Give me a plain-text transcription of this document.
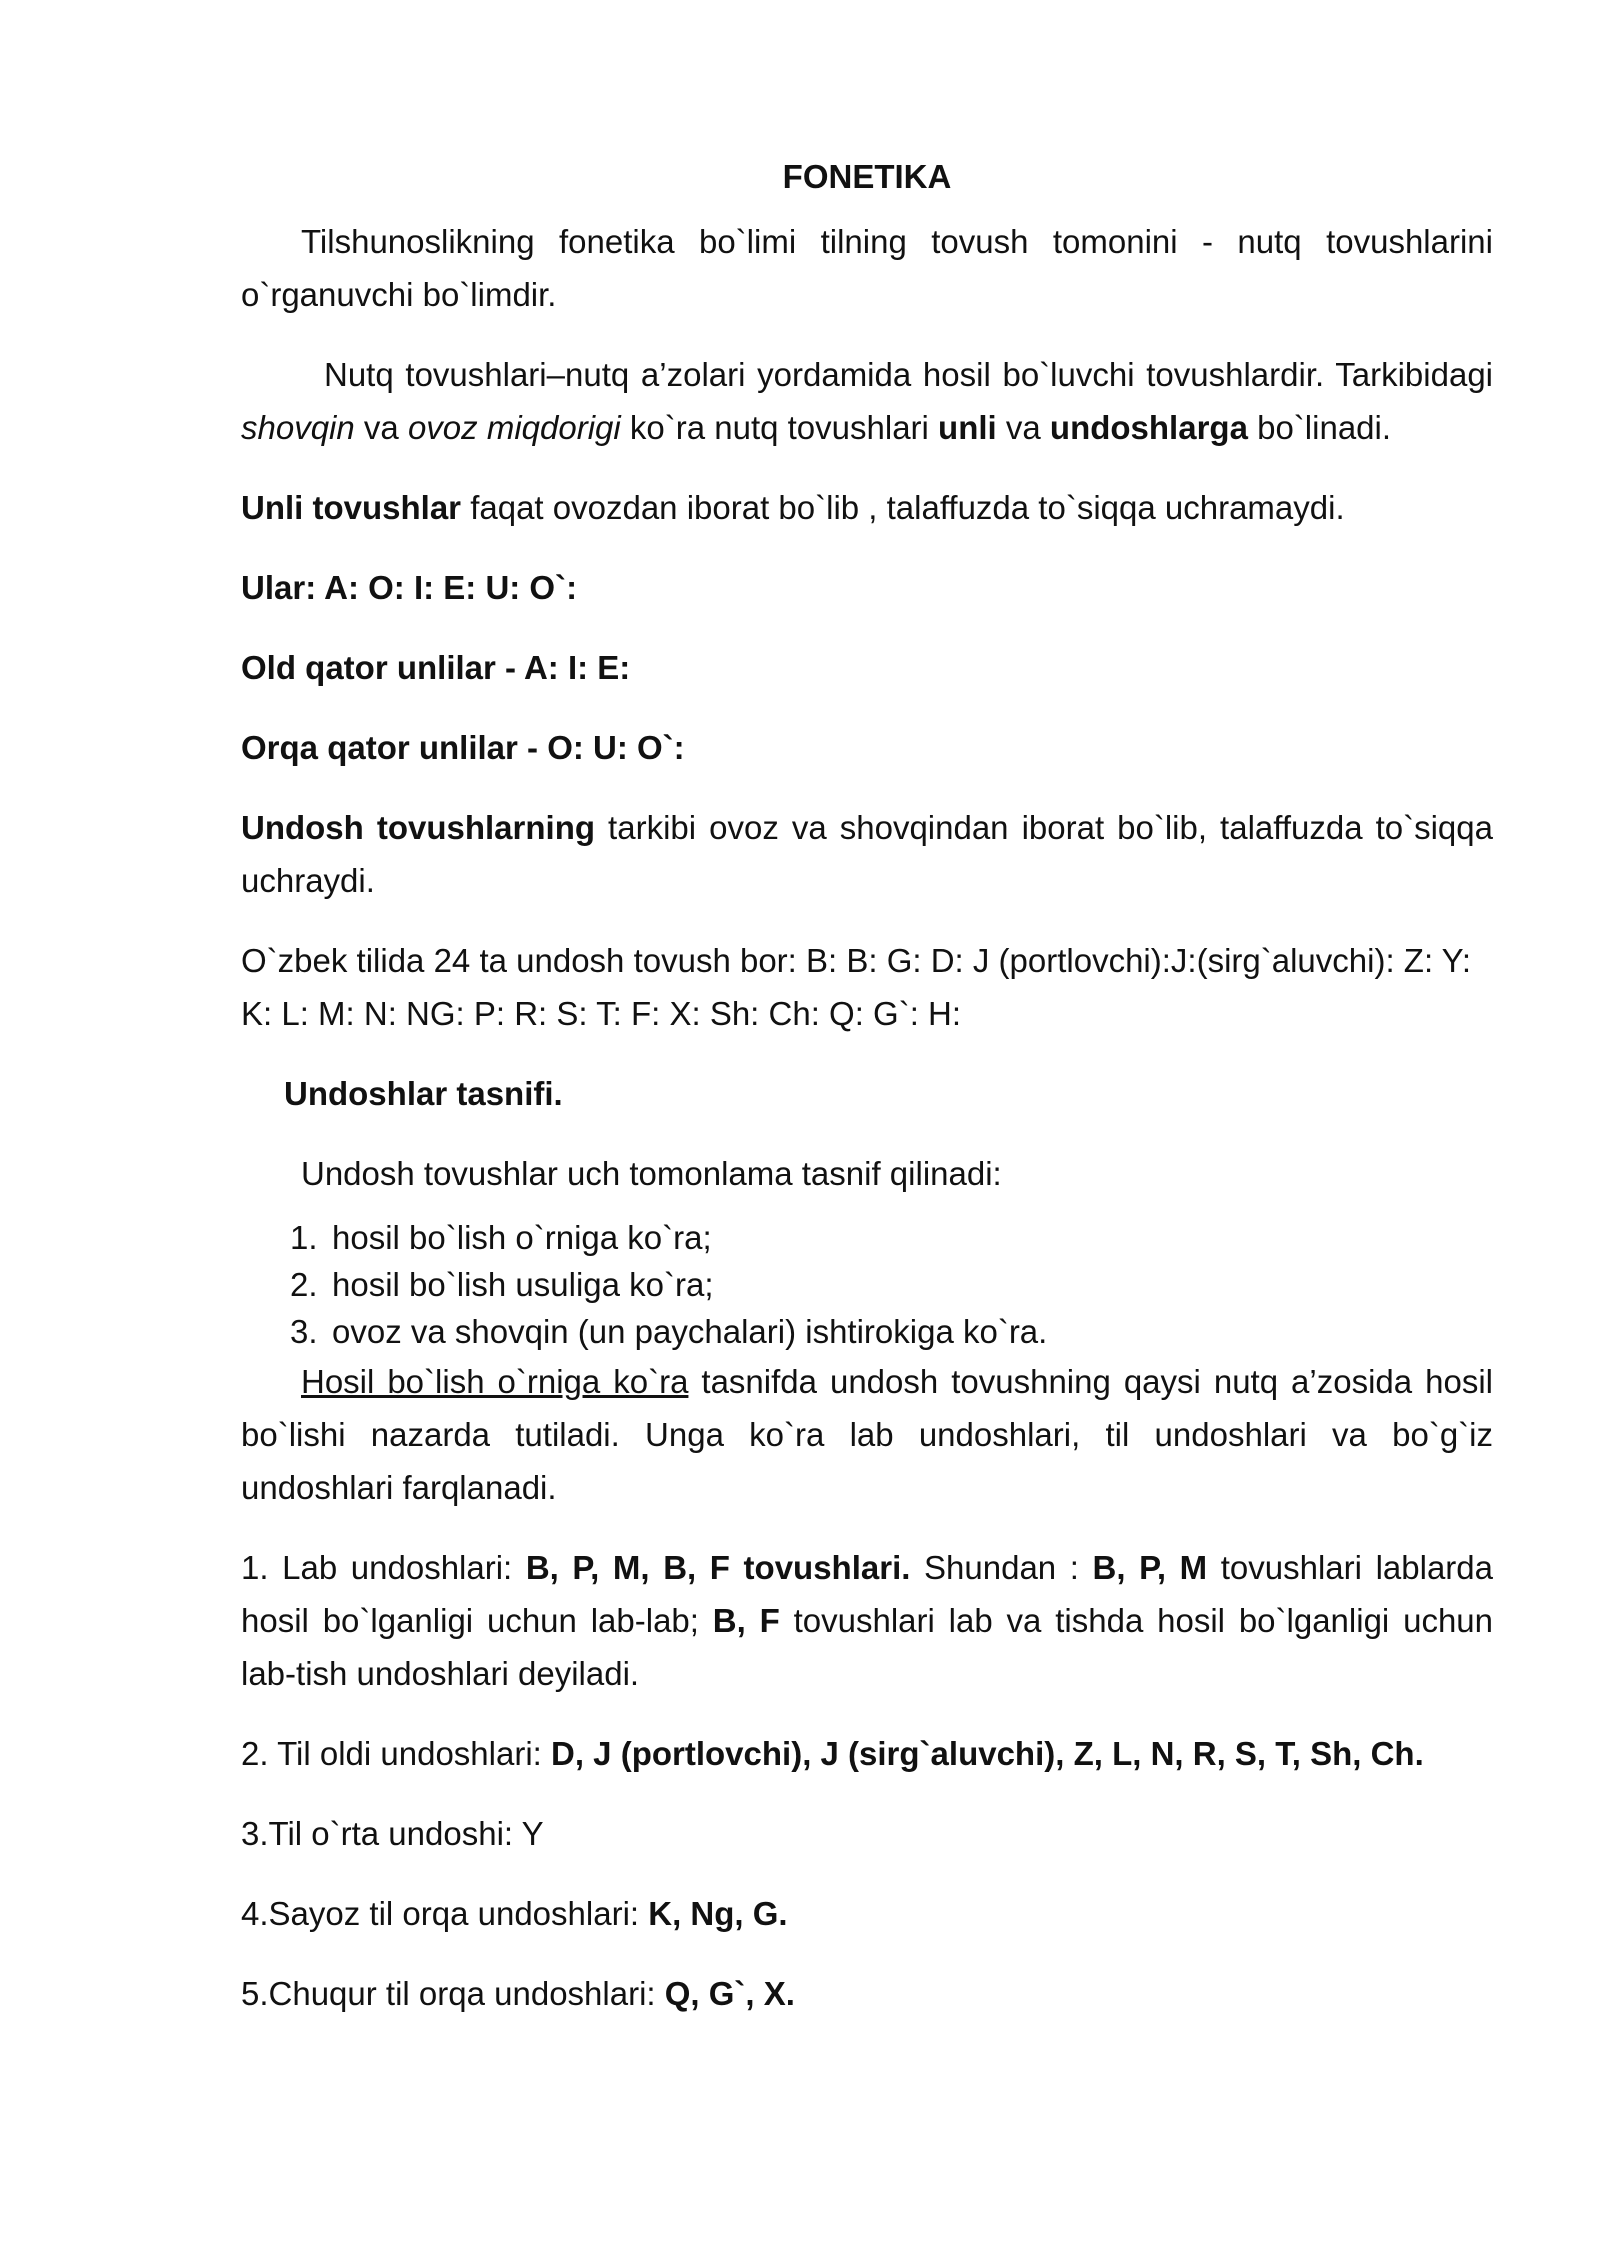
FONETIKA

Tilshunoslikning fonetika bo`limi tilning tovush tomonini - nutq tovushlarini o`rganuvchi bo`limdir.

Nutq tovushlari–nutq a’zolari yordamida hosil bo`luvchi tovushlardir. Tarkibidagi shovqin va ovoz miqdorigi ko`ra nutq tovushlari unli va undoshlarga bo`linadi.

Unli tovushlar faqat ovozdan iborat bo`lib , talaffuzda to`siqqa uchramaydi.

Ular: A: O: I: E: U: O`:

Old qator unlilar - A: I: E:

Orqa qator unlilar - O: U: O`:

Undosh tovushlarning tarkibi ovoz va shovqindan iborat bo`lib, talaffuzda to`siqqa uchraydi.

O`zbek tilida 24 ta undosh tovush bor: B: B: G: D: J (portlovchi):J:(sirg`aluvchi): Z: Y: K: L: M: N: NG: P: R: S: T: F: X: Sh: Ch: Q: G`: H:

Undoshlar tasnifi.

Undosh tovushlar uch tomonlama tasnif qilinadi:

1. hosil bo`lish o`rniga ko`ra;
2. hosil bo`lish usuliga ko`ra;
3. ovoz va shovqin (un paychalari) ishtirokiga ko`ra.

Hosil bo`lish o`rniga ko`ra tasnifda undosh tovushning qaysi nutq a’zosida hosil bo`lishi nazarda tutiladi. Unga ko`ra lab undoshlari, til undoshlari va bo`g`iz undoshlari farqlanadi.

1. Lab undoshlari: B, P, M, B, F tovushlari. Shundan : B, P, M tovushlari lablarda hosil bo`lganligi uchun lab-lab; B, F tovushlari lab va tishda hosil bo`lganligi uchun lab-tish undoshlari deyiladi.

2. Til oldi undoshlari: D, J (portlovchi), J (sirg`aluvchi), Z, L, N, R, S, T, Sh, Ch.

3.Til o`rta undoshi: Y

4.Sayoz til orqa undoshlari: K, Ng, G.

5.Chuqur til orqa undoshlari: Q, G`, X.
